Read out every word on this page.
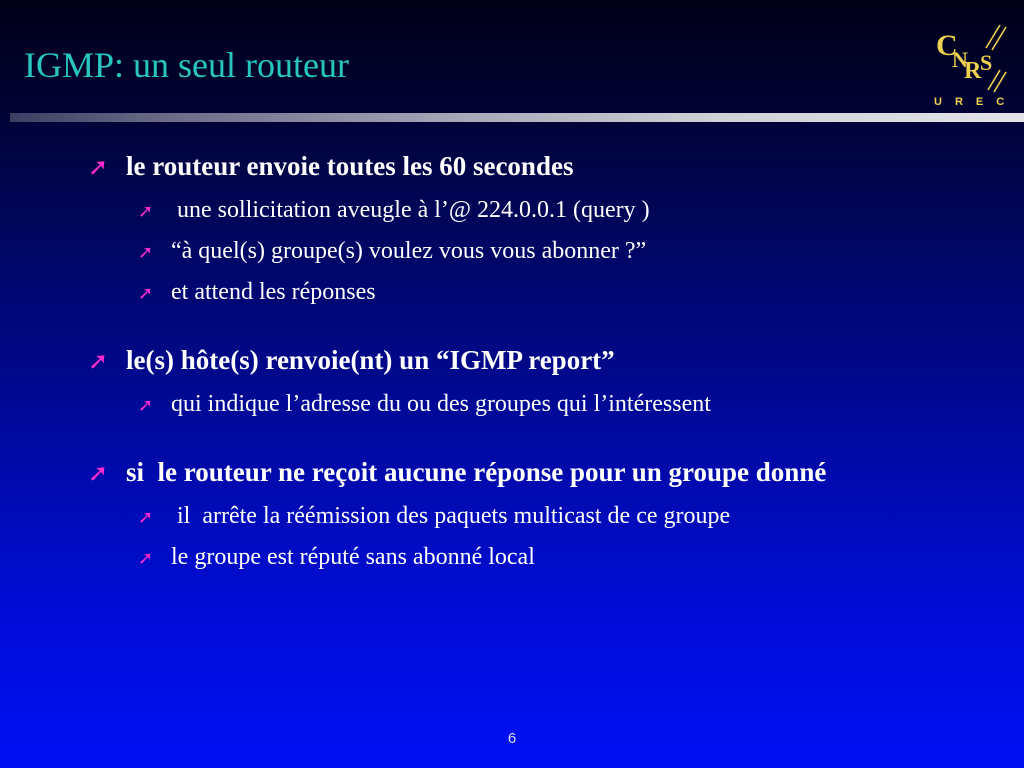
IGMP: un seul routeur	C
N
R
S
UREC
➚ le routeur envoie toutes les 60 secondes
➚ une sollicitation aveugle à l’@ 224.0.0.1 (query )
➚ “à quel(s) groupe(s) voulez vous vous abonner ?”
➚ et attend les réponses
➚ le(s) hôte(s) renvoie(nt) un “IGMP report”
➚ qui indique l’adresse du ou des groupes qui l’intéressent
➚ si  le routeur ne reçoit aucune réponse pour un groupe donné
➚ il  arrête la réémission des paquets multicast de ce groupe
➚ le groupe est réputé sans abonné local
6
